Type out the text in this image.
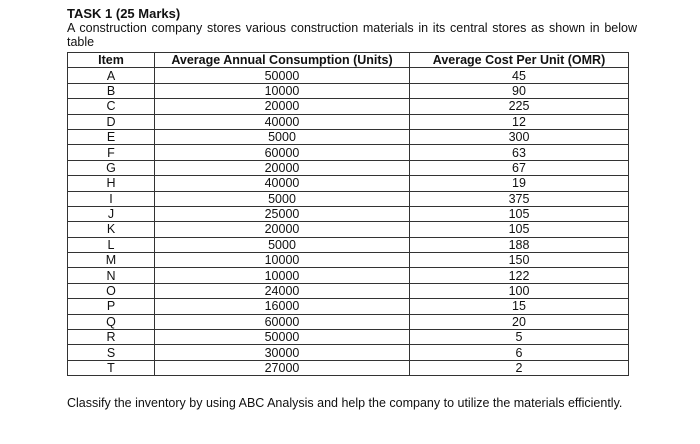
TASK 1 (25 Marks)
A construction company stores various construction materials in its central stores as shown in below table
Item	Average Annual Consumption (Units)	Average Cost Per Unit (OMR)
A	50000	45
B	10000	90
C	20000	225
D	40000	12
E	5000	300
F	60000	63
G	20000	67
H	40000	19
I	5000	375
J	25000	105
K	20000	105
L	5000	188
M	10000	150
N	10000	122
O	24000	100
P	16000	15
Q	60000	20
R	50000	5
S	30000	6
T	27000	2
Classify the inventory by using ABC Analysis and help the company to utilize the materials efficiently.
